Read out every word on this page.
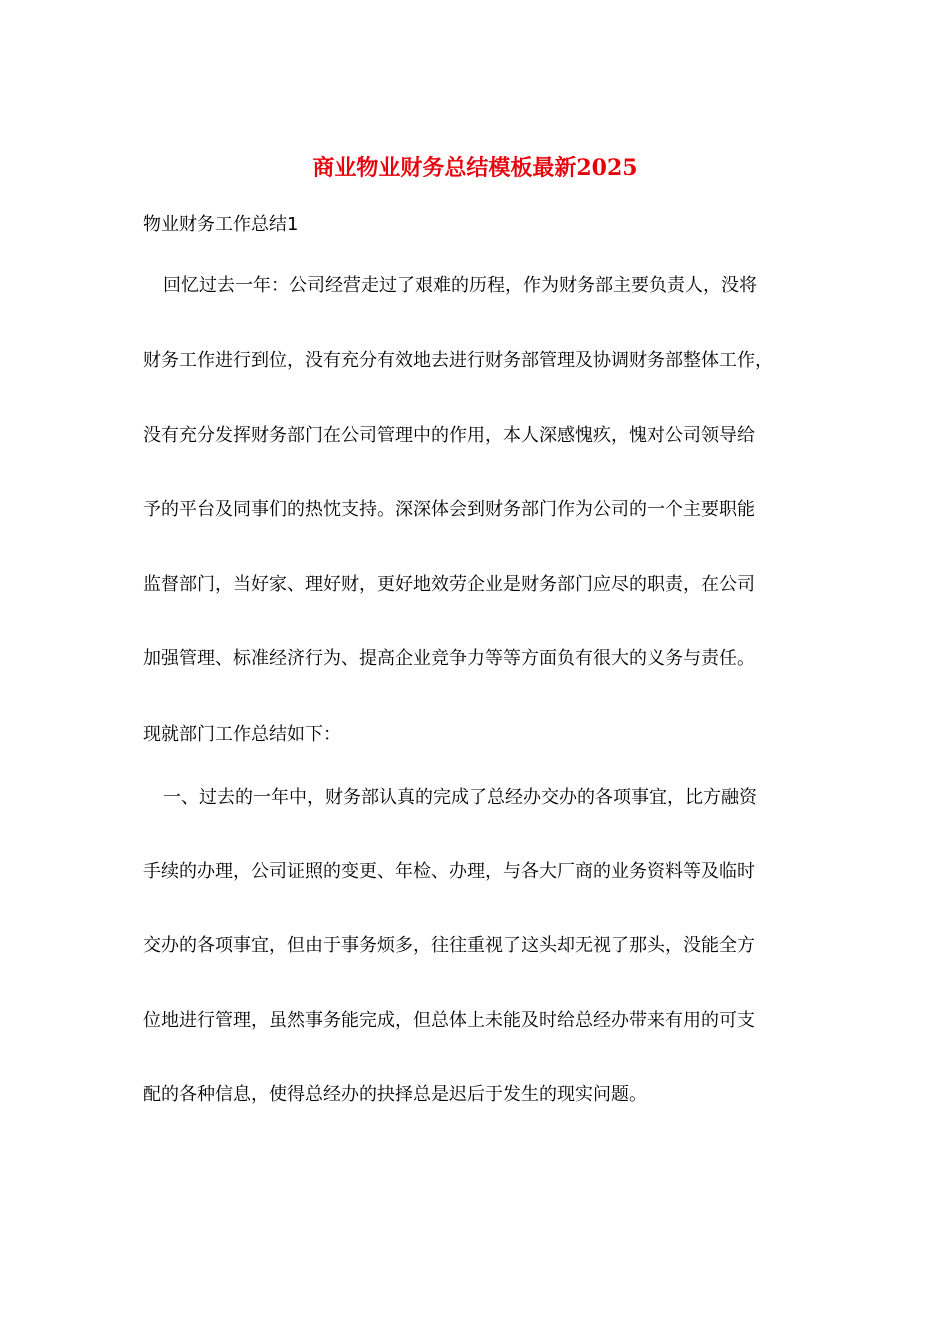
商业物业财务总结模板最新2025
物业财务工作总结1
回忆过去一年：公司经营走过了艰难的历程，作为财务部主要负责人，没将
财务工作进行到位，没有充分有效地去进行财务部管理及协调财务部整体工作，
没有充分发挥财务部门在公司管理中的作用，本人深感愧疚，愧对公司领导给
予的平台及同事们的热忱支持。深深体会到财务部门作为公司的一个主要职能
监督部门，当好家、理好财，更好地效劳企业是财务部门应尽的职责，在公司
加强管理、标准经济行为、提高企业竞争力等等方面负有很大的义务与责任。
现就部门工作总结如下：
一、过去的一年中，财务部认真的完成了总经办交办的各项事宜，比方融资
手续的办理，公司证照的变更、年检、办理，与各大厂商的业务资料等及临时
交办的各项事宜，但由于事务烦多，往往重视了这头却无视了那头，没能全方
位地进行管理，虽然事务能完成，但总体上未能及时给总经办带来有用的可支
配的各种信息，使得总经办的抉择总是迟后于发生的现实问题。
